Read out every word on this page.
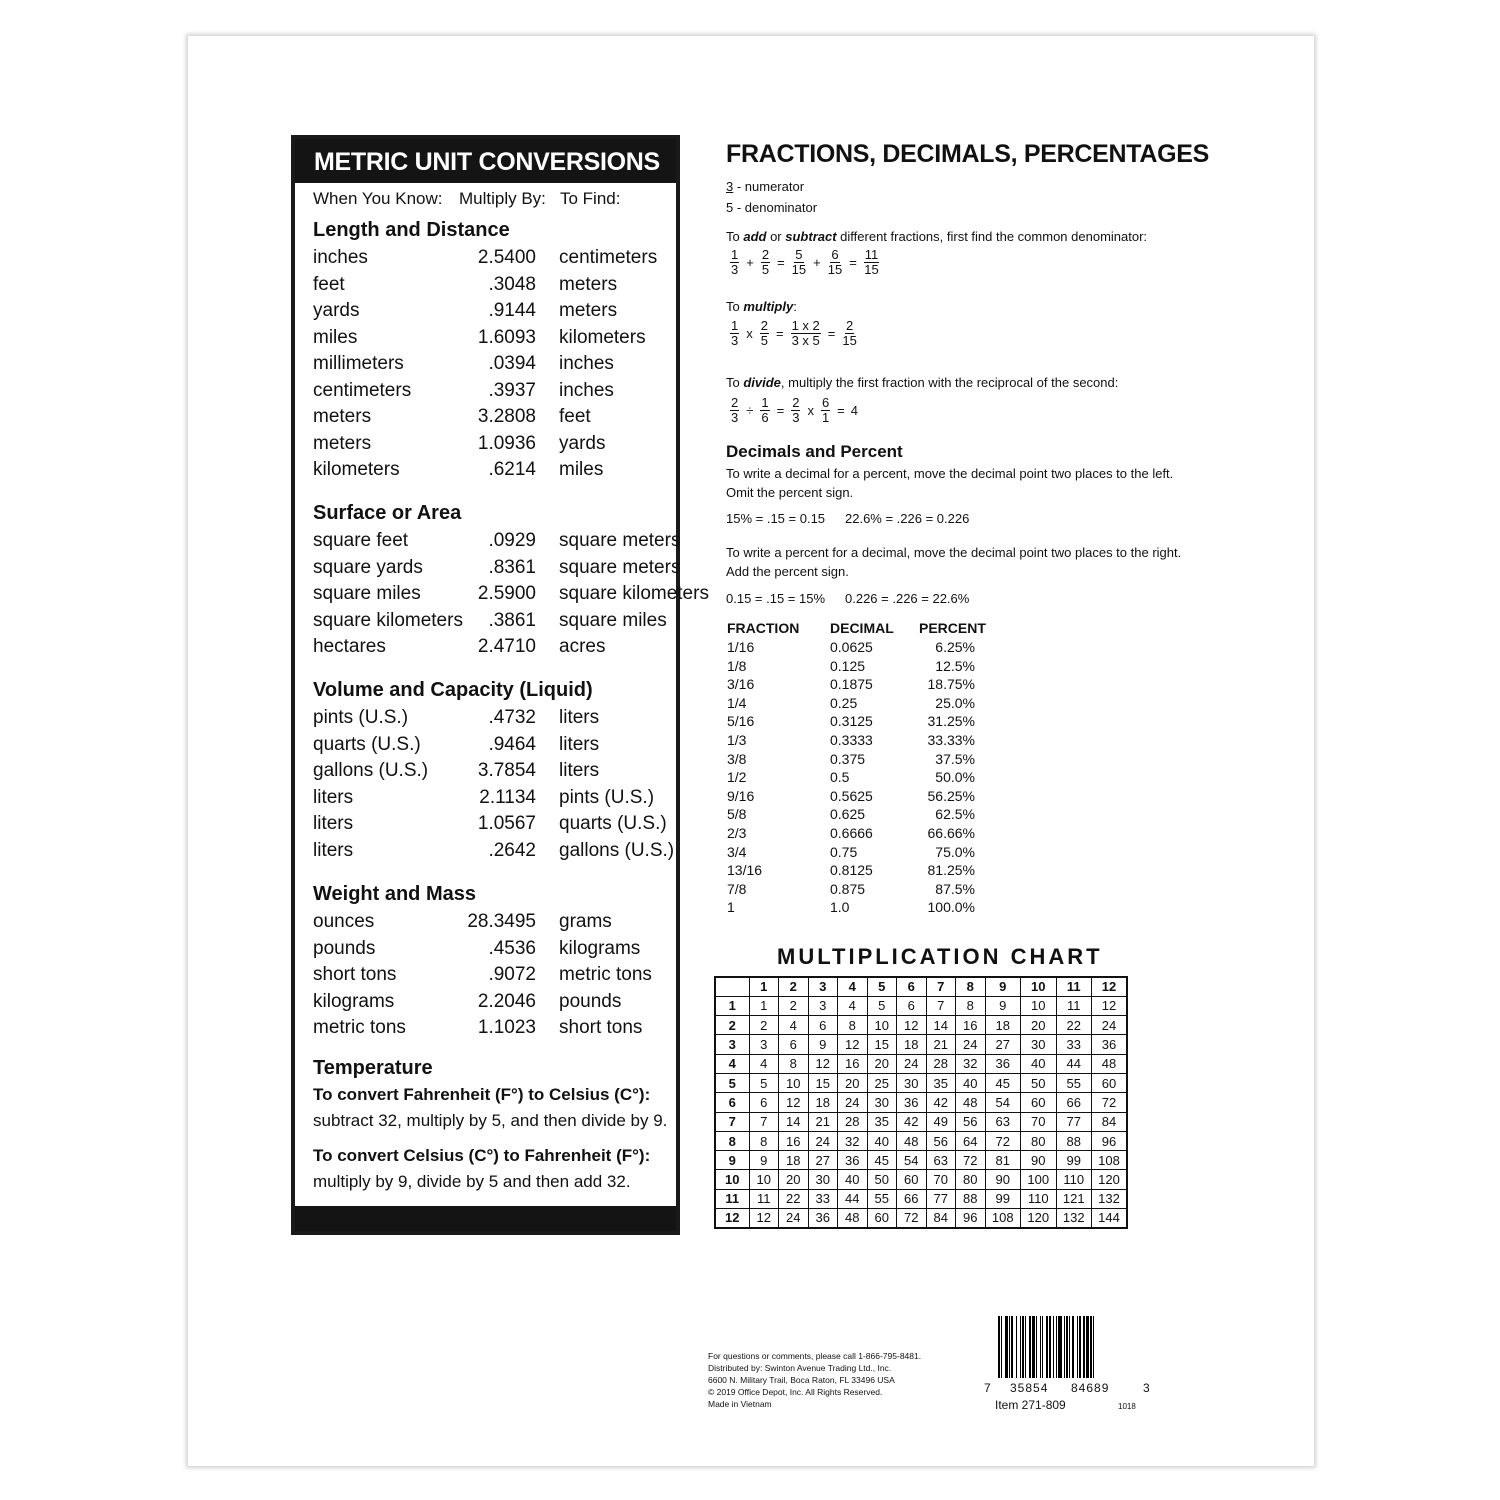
METRIC UNIT CONVERSIONS
When You Know: Multiply By: To Find:
Length and Distance
inches	2.5400 centimeters
feet	.3048 meters
yards	.9144 meters
miles	1.6093 kilometers
millimeters	.0394 inches
centimeters	.3937 inches
meters	3.2808 feet
meters	1.0936 yards
kilometers	.6214 miles
Surface or Area
square feet	.0929 square meters
square yards	.8361 square meters
square miles	2.5900 square kilometers
square kilometers .3861 square miles
hectares	2.4710 acres
Volume and Capacity (Liquid)
pints (U.S.)	.4732 liters
quarts (U.S.)	.9464 liters
gallons (U.S.)	3.7854 liters
liters	2.1134 pints (U.S.)
liters	1.0567 quarts (U.S.)
liters	.2642 gallons (U.S.)
Weight and Mass
ounces	28.3495 grams
pounds	.4536 kilograms
short tons	.9072 metric tons
kilograms	2.2046 pounds
metric tons	1.1023 short tons
Temperature
To convert Fahrenheit (F°) to Celsius (C°):
subtract 32, multiply by 5, and then divide by 9.
To convert Celsius (C°) to Fahrenheit (F°):
multiply by 9, divide by 5 and then add 32.
FRACTIONS, DECIMALS, PERCENTAGES
3 - numerator
5 - denominator
To add or subtract different fractions, first find the common denominator:
$\frac{1}{3} + \frac{2}{5} = \frac{5}{15} + \frac{6}{15} = \frac{11}{15}$
To multiply:
$\frac{1}{3}$ x $\frac{2}{5} = \frac{1 x 2}{3 x 5} = \frac{2}{15}$
To divide, multiply the first fraction with the reciprocal of the second:
$\frac{2}{3} \div \frac{1}{6} = \frac{2}{3}$ x $\frac{6}{1} = 4$
Decimals and Percent
To write a decimal for a percent, move the decimal point two places to the left.
Omit the percent sign.
15% = .15 = 0.15 22.6% = .226 = 0.226
To write a percent for a decimal, move the decimal point two places to the right.
Add the percent sign.
0.15 = .15 = 15% 0.226 = .226 = 22.6%
FRACTION DECIMAL PERCENT
1/16	0.0625	6.25%
1/8	0.125	12.5%
3/16	0.1875	18.75%
1/4	0.25	25.0%
5/16	0.3125	31.25%
1/3	0.3333	33.33%
3/8	0.375	37.5%
1/2	0.5	50.0%
9/16	0.5625	56.25%
5/8	0.625	62.5%
2/3	0.6666	66.66%
3/4	0.75	75.0%
13/16	0.8125	81.25%
7/8	0.875	87.5%
1	1.0	100.0%
MULTIPLICATION CHART
	1	2	3	4	5	6	7	8	9	10	11	12
1	1	2	3	4	5	6	7	8	9	10	11	12
2	2	4	6	8	10	12	14	16	18	20	22	24
3	3	6	9	12	15	18	21	24	27	30	33	36
4	4	8	12	16	20	24	28	32	36	40	44	48
5	5	10	15	20	25	30	35	40	45	50	55	60
6	6	12	18	24	30	36	42	48	54	60	66	72
7	7	14	21	28	35	42	49	56	63	70	77	84
8	8	16	24	32	40	48	56	64	72	80	88	96
9	9	18	27	36	45	54	63	72	81	90	99	108
10	10	20	30	40	50	60	70	80	90	100	110	120
11	11	22	33	44	55	66	77	88	99	110	121	132
12	12	24	36	48	60	72	84	96	108	120	132	144
For questions or comments, please call 1-866-795-8481.
Distributed by: Swinton Avenue Trading Ltd., Inc.
6600 N. Military Trail, Boca Raton, FL 33496 USA
© 2019 Office Depot, Inc. All Rights Reserved.
Made in Vietnam
7 35854 84689	3
Item 271-809	1018
